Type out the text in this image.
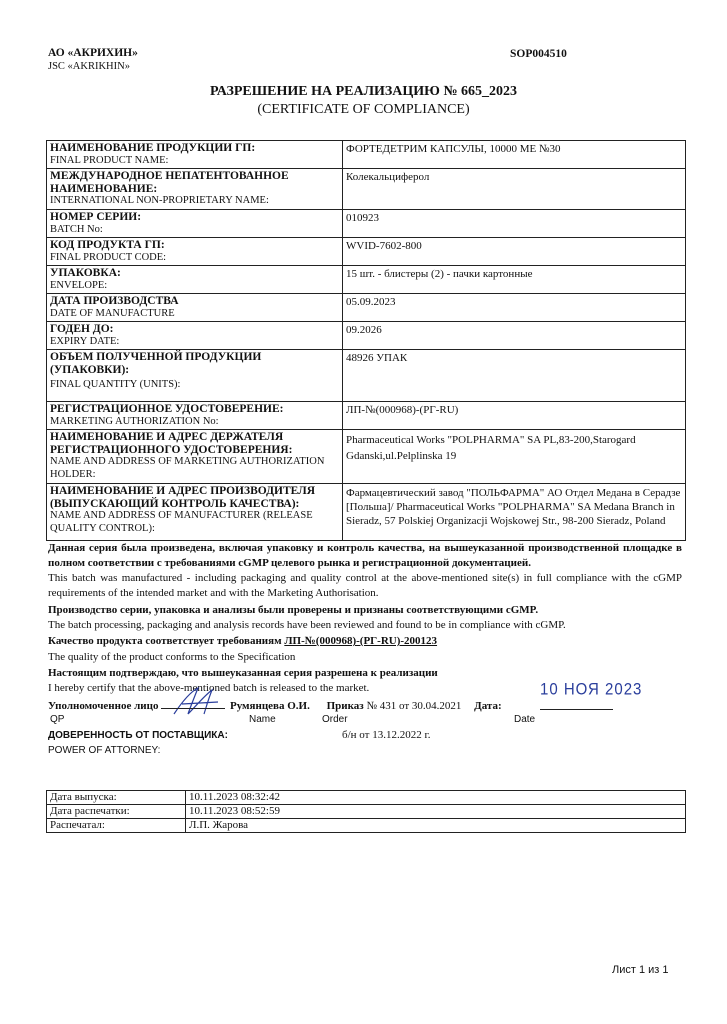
АО «АКРИХИН»
JSC «AKRIKHIN»
SOP004510
РАЗРЕШЕНИЕ НА РЕАЛИЗАЦИЮ № 665_2023
(CERTIFICATE OF COMPLIANCE)
НАИМЕНОВАНИЕ ПРОДУКЦИИ ГП:
FINAL PRODUCT NAME:	ФОРТЕДЕТРИМ КАПСУЛЫ, 10000 МЕ №30

МЕЖДУНАРОДНОЕ НЕПАТЕНТОВАННОЕ НАИМЕНОВАНИЕ:
INTERNATIONAL NON-PROPRIETARY NAME:	Колекальциферол

НОМЕР СЕРИИ:
BATCH No:	010923

КОД ПРОДУКТА ГП:
FINAL PRODUCT CODE:	WVID-7602-800

УПАКОВКА:
ENVELOPE:	15 шт. - блистеры (2) - пачки картонные

ДАТА ПРОИЗВОДСТВА
DATE OF MANUFACTURE	05.09.2023

ГОДЕН ДО:
EXPIRY DATE:	09.2026

ОБЪЕМ ПОЛУЧЕННОЙ ПРОДУКЦИИ (УПАКОВКИ):
FINAL QUANTITY (UNITS):	48926 УПАК

РЕГИСТРАЦИОННОЕ УДОСТОВЕРЕНИЕ:
MARKETING AUTHORIZATION No:	ЛП-№(000968)-(РГ-RU)

НАИМЕНОВАНИЕ И АДРЕС ДЕРЖАТЕЛЯ РЕГИСТРАЦИОННОГО УДОСТОВЕРЕНИЯ:
NAME AND ADDRESS OF MARKETING AUTHORIZATION HOLDER:	Pharmaceutical Works "POLPHARMA" SA PL,83-200,Starogard Gdanski,ul.Pelplinska 19

НАИМЕНОВАНИЕ И АДРЕС ПРОИЗВОДИТЕЛЯ (ВЫПУСКАЮЩИЙ КОНТРОЛЬ КАЧЕСТВА):
NAME AND ADDRESS OF MANUFACTURER (RELEASE QUALITY CONTROL):	Фармацевтический завод "ПОЛЬФАРМА" АО Отдел Медана в Серадзе [Польша]/ Pharmaceutical Works "POLPHARMA" SA Medana Branch in Sieradz, 57 Polskiej Organizacji Wojskowej Str., 98-200 Sieradz, Poland
Данная серия была произведена, включая упаковку и контроль качества, на вышеуказанной производственной площадке в полном соответствии с требованиями cGMP целевого рынка и регистрационной документацией.
This batch was manufactured - including packaging and quality control at the above-mentioned site(s) in full compliance with the cGMP requirements of the intended market and with the Marketing Authorisation.
Производство серии, упаковка и анализы были проверены и признаны соответствующими cGMP.
The batch processing, packaging and analysis records have been reviewed and found to be in compliance with cGMP.
Качество продукта соответствует требованиям ЛП-№(000968)-(РГ-RU)-200123
The quality of the product conforms to the Specification
Настоящим подтверждаю, что вышеуказанная серия разрешена к реализации
I hereby certify that the above-mentioned batch is released to the market.	10 НОЯ 2023
Уполномоченное лицо	Румянцева О.И. Приказ № 431 от 30.04.2021 Дата:
QP	Name	Order	Date
ДОВЕРЕННОСТЬ ОТ ПОСТАВЩИКА:	б/н от 13.12.2022 г.
POWER OF ATTORNEY:
Дата выпуска:	10.11.2023 08:32:42
Дата распечатки:	10.11.2023 08:52:59
Распечатал:	Л.П. Жарова
Лист 1 из 1
